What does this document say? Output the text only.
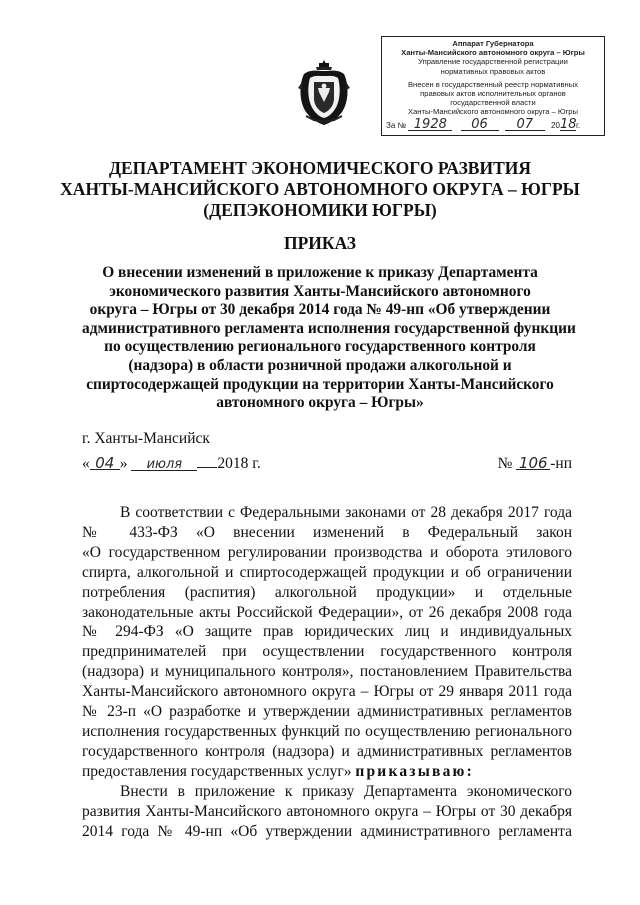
Аппарат Губернатора
Ханты-Мансийского автономного округа – Югры
Управление государственной регистрации
нормативных правовых актов
Внесен в государственный реестр нормативных
правовых актов исполнительных органов
государственной власти
Ханты-Мансийского автономного округа – Югры
За № 1928 06 07 2018г.
ДЕПАРТАМЕНТ ЭКОНОМИЧЕСКОГО РАЗВИТИЯ
ХАНТЫ-МАНСИЙСКОГО АВТОНОМНОГО ОКРУГА – ЮГРЫ
(ДЕПЭКОНОМИКИ ЮГРЫ)
ПРИКАЗ
О внесении изменений в приложение к приказу Департамента
экономического развития Ханты-Мансийского автономного
округа – Югры от 30 декабря 2014 года № 49-нп «Об утверждении
административного регламента исполнения государственной функции
по осуществлению регионального государственного контроля
(надзора) в области розничной продажи алкогольной и
спиртосодержащей продукции на территории Ханты-Мансийского
автономного округа – Югры»
г. Ханты-Мансийск
« 04 » июля 2018 г.	№ 106 -нп
В соответствии с Федеральными законами от 28 декабря 2017 года
№ 433-ФЗ «О внесении изменений в Федеральный закон
«О государственном регулировании производства и оборота этилового
спирта, алкогольной и спиртосодержащей продукции и об ограничении
потребления (распития) алкогольной продукции» и отдельные
законодательные акты Российской Федерации», от 26 декабря 2008 года
№ 294-ФЗ «О защите прав юридических лиц и индивидуальных
предпринимателей при осуществлении государственного контроля
(надзора) и муниципального контроля», постановлением Правительства
Ханты-Мансийского автономного округа – Югры от 29 января 2011 года
№ 23-п «О разработке и утверждении административных регламентов
исполнения государственных функций по осуществлению регионального
государственного контроля (надзора) и административных регламентов
предоставления государственных услуг» приказываю:
Внести в приложение к приказу Департамента экономического
развития Ханты-Мансийского автономного округа – Югры от 30 декабря
2014 года № 49-нп «Об утверждении административного регламента
